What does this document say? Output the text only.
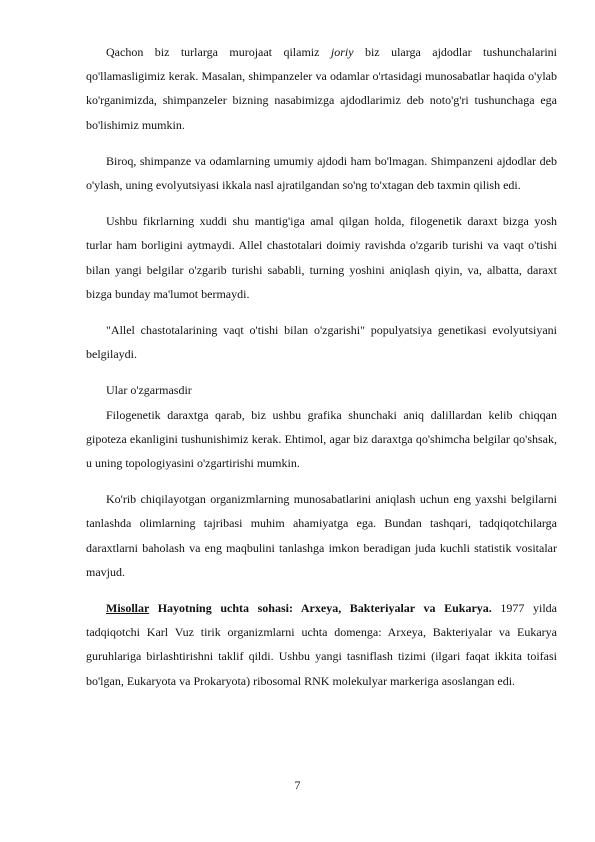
Qachon biz turlarga murojaat qilamiz joriy biz ularga ajdodlar tushunchalarini qo'llamasligimiz kerak. Masalan, shimpanzeler va odamlar o'rtasidagi munosabatlar haqida o'ylab ko'rganimizda, shimpanzeler bizning nasabimizga ajdodlarimiz deb noto'g'ri tushunchaga ega bo'lishimiz mumkin.

Biroq, shimpanze va odamlarning umumiy ajdodi ham bo'lmagan. Shimpanzeni ajdodlar deb o'ylash, uning evolyutsiyasi ikkala nasl ajratilgandan so'ng to'xtagan deb taxmin qilish edi.

Ushbu fikrlarning xuddi shu mantig'iga amal qilgan holda, filogenetik daraxt bizga yosh turlar ham borligini aytmaydi. Allel chastotalari doimiy ravishda o'zgarib turishi va vaqt o'tishi bilan yangi belgilar o'zgarib turishi sababli, turning yoshini aniqlash qiyin, va, albatta, daraxt bizga bunday ma'lumot bermaydi.

"Allel chastotalarining vaqt o'tishi bilan o'zgarishi" populyatsiya genetikasi evolyutsiyani belgilaydi.

Ular o'zgarmasdir

Filogenetik daraxtga qarab, biz ushbu grafika shunchaki aniq dalillardan kelib chiqqan gipoteza ekanligini tushunishimiz kerak. Ehtimol, agar biz daraxtga qo'shimcha belgilar qo'shsak, u uning topologiyasini o'zgartirishi mumkin.

Ko'rib chiqilayotgan organizmlarning munosabatlarini aniqlash uchun eng yaxshi belgilarni tanlashda olimlarning tajribasi muhim ahamiyatga ega. Bundan tashqari, tadqiqotchilarga daraxtlarni baholash va eng maqbulini tanlashga imkon beradigan juda kuchli statistik vositalar mavjud.

Misollar Hayotning uchta sohasi: Arxeya, Bakteriyalar va Eukarya. 1977 yilda tadqiqotchi Karl Vuz tirik organizmlarni uchta domenga: Arxeya, Bakteriyalar va Eukarya guruhlariga birlashtirishni taklif qildi. Ushbu yangi tasniflash tizimi (ilgari faqat ikkita toifasi bo'lgan, Eukaryota va Prokaryota) ribosomal RNK molekulyar markeriga asoslangan edi.

7
